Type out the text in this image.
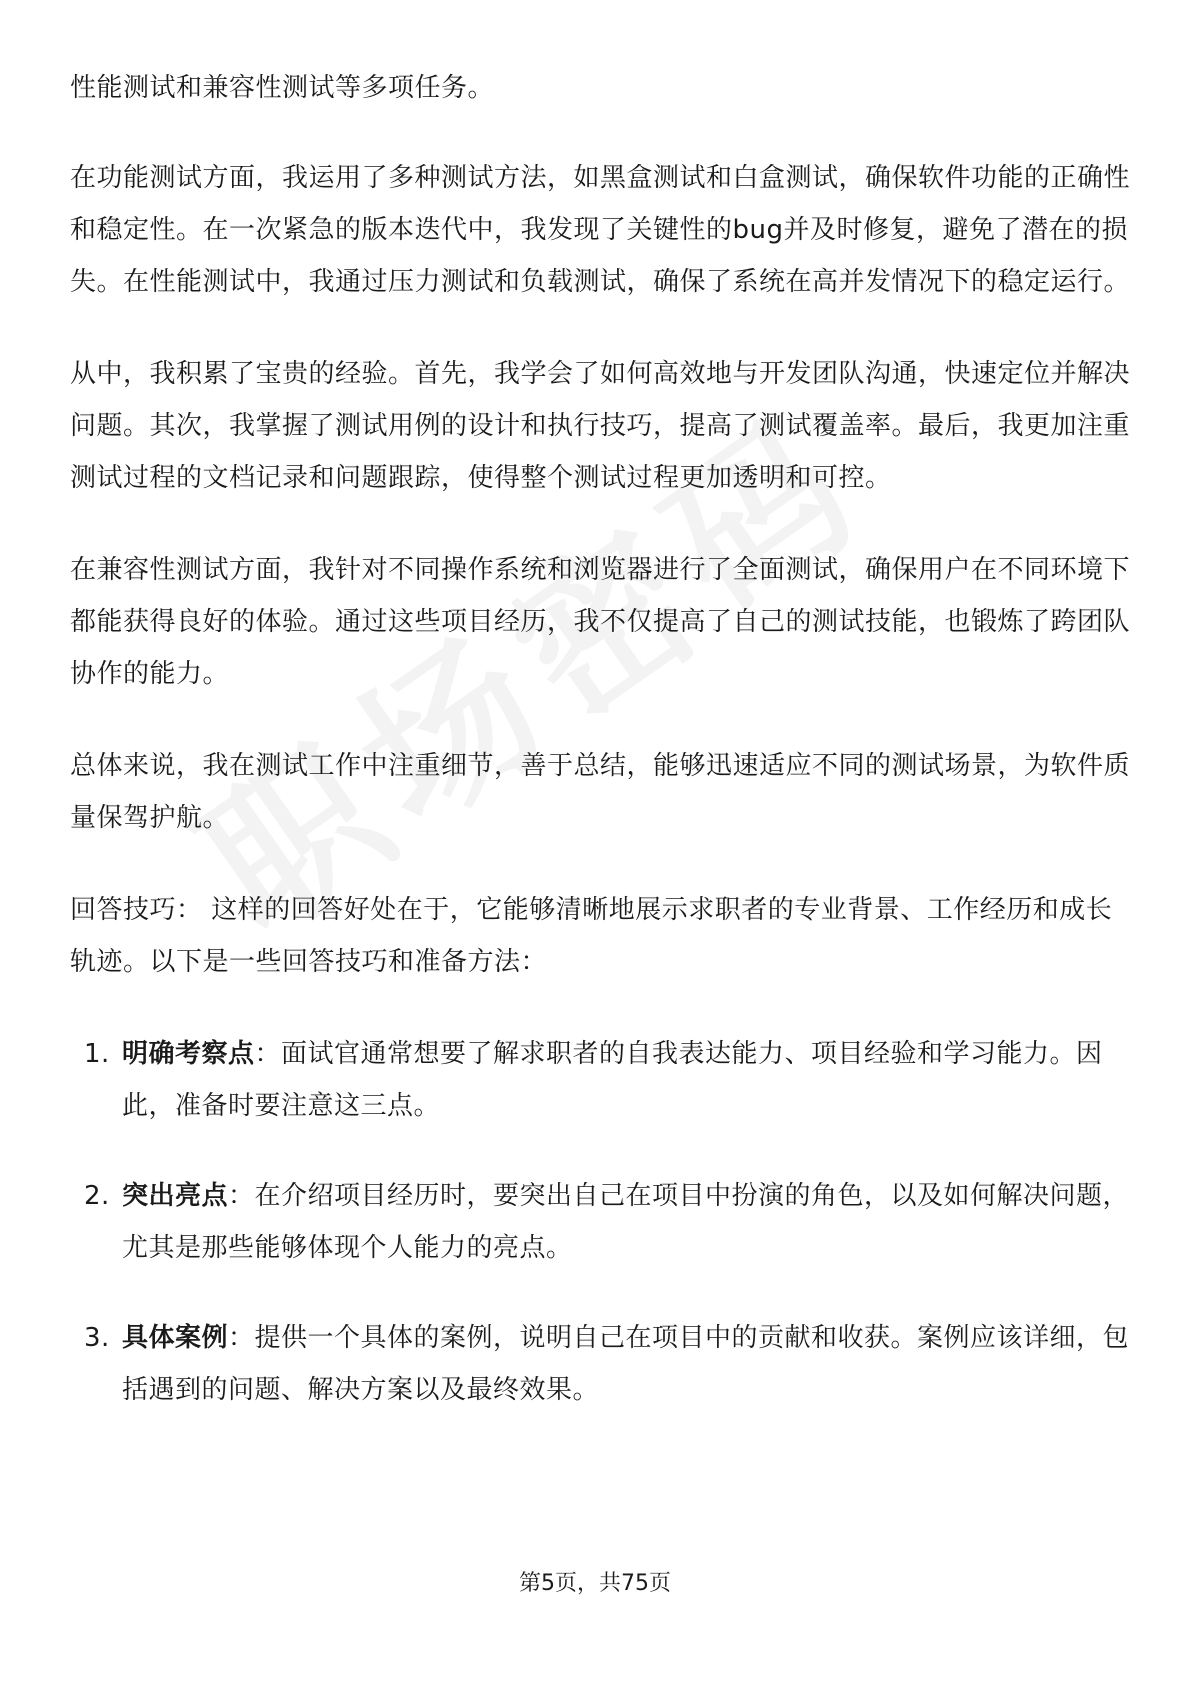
性能测试和兼容性测试等多项任务。

在功能测试方面，我运用了多种测试方法，如黑盒测试和白盒测试，确保软件功能的正确性和稳定性。在一次紧急的版本迭代中，我发现了关键性的bug并及时修复，避免了潜在的损失。在性能测试中，我通过压力测试和负载测试，确保了系统在高并发情况下的稳定运行。

从中，我积累了宝贵的经验。首先，我学会了如何高效地与开发团队沟通，快速定位并解决问题。其次，我掌握了测试用例的设计和执行技巧，提高了测试覆盖率。最后，我更加注重测试过程的文档记录和问题跟踪，使得整个测试过程更加透明和可控。

在兼容性测试方面，我针对不同操作系统和浏览器进行了全面测试，确保用户在不同环境下都能获得良好的体验。通过这些项目经历，我不仅提高了自己的测试技能，也锻炼了跨团队协作的能力。

总体来说，我在测试工作中注重细节，善于总结，能够迅速适应不同的测试场景，为软件质量保驾护航。

回答技巧： 这样的回答好处在于，它能够清晰地展示求职者的专业背景、工作经历和成长轨迹。以下是一些回答技巧和准备方法：

1. 明确考察点：面试官通常想要了解求职者的自我表达能力、项目经验和学习能力。因此，准备时要注意这三点。
2. 突出亮点：在介绍项目经历时，要突出自己在项目中扮演的角色，以及如何解决问题，尤其是那些能够体现个人能力的亮点。
3. 具体案例：提供一个具体的案例，说明自己在项目中的贡献和收获。案例应该详细，包括遇到的问题、解决方案以及最终效果。
第5页，共75页
